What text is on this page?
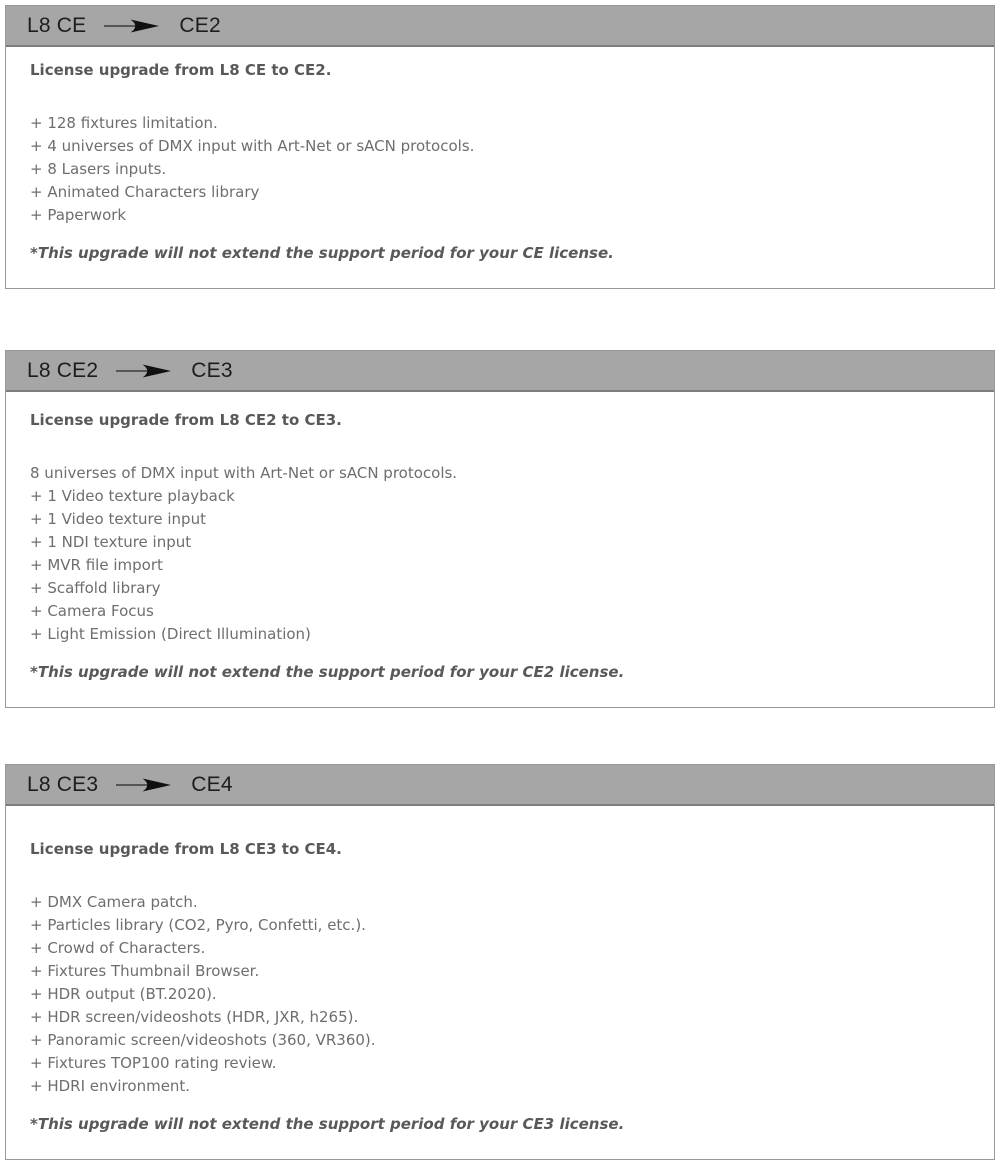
L8 CE	CE2

License upgrade from L8 CE to CE2.

+ 128 fixtures limitation.
+ 4 universes of DMX input with Art-Net or sACN protocols.
+ 8 Lasers inputs.
+ Animated Characters library
+ Paperwork

*This upgrade will not extend the support period for your CE license.

L8 CE2	CE3

License upgrade from L8 CE2 to CE3.

8 universes of DMX input with Art-Net or sACN protocols.
+ 1 Video texture playback
+ 1 Video texture input
+ 1 NDI texture input
+ MVR file import
+ Scaffold library
+ Camera Focus
+ Light Emission (Direct Illumination)

*This upgrade will not extend the support period for your CE2 license.

L8 CE3	CE4

License upgrade from L8 CE3 to CE4.

+ DMX Camera patch.
+ Particles library (CO2, Pyro, Confetti, etc.).
+ Crowd of Characters.
+ Fixtures Thumbnail Browser.
+ HDR output (BT.2020).
+ HDR screen/videoshots (HDR, JXR, h265).
+ Panoramic screen/videoshots (360, VR360).
+ Fixtures TOP100 rating review.
+ HDRI environment.

*This upgrade will not extend the support period for your CE3 license.
